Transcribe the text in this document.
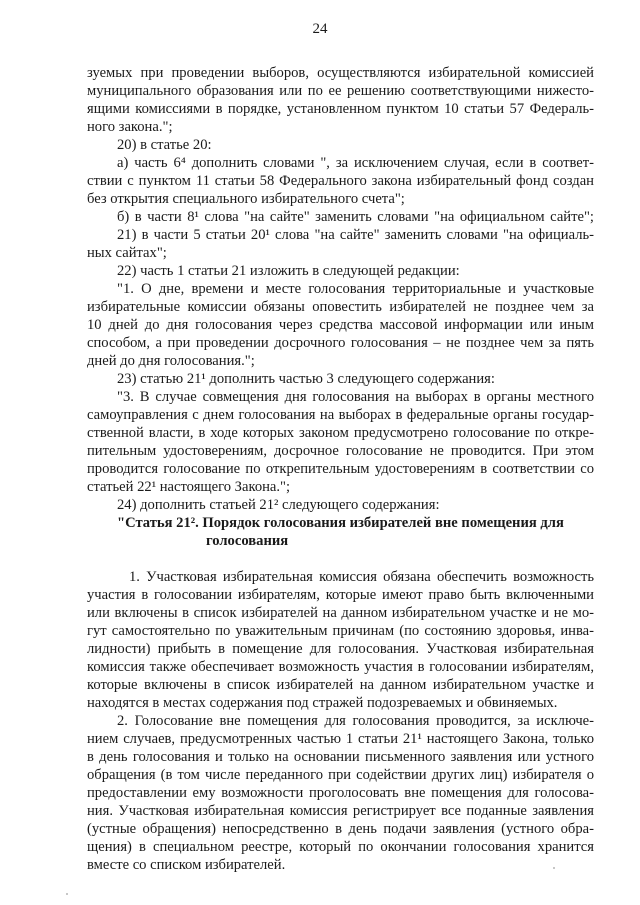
24
зуемых при проведении выборов, осуществляются избирательной комиссией
муниципального образования или по ее решению соответствующими нижесто-
ящими комиссиями в порядке, установленном пунктом 10 статьи 57 Федераль-
ного закона.";
20) в статье 20:
а) часть 6⁴ дополнить словами ", за исключением случая, если в соответ-
ствии с пунктом 11 статьи 58 Федерального закона избирательный фонд создан
без открытия специального избирательного счета";
б) в части 8¹ слова "на сайте" заменить словами "на официальном сайте";
21) в части 5 статьи 20¹ слова "на сайте" заменить словами "на официаль-
ных сайтах";
22) часть 1 статьи 21 изложить в следующей редакции:
"1. О дне, времени и месте голосования территориальные и участковые
избирательные комиссии обязаны оповестить избирателей не позднее чем за
10 дней до дня голосования через средства массовой информации или иным
способом, а при проведении досрочного голосования – не позднее чем за пять
дней до дня голосования.";
23) статью 21¹ дополнить частью 3 следующего содержания:
"3. В случае совмещения дня голосования на выборах в органы местного
самоуправления с днем голосования на выборах в федеральные органы государ-
ственной власти, в ходе которых законом предусмотрено голосование по откре-
пительным удостоверениям, досрочное голосование не проводится. При этом
проводится голосование по открепительным удостоверениям в соответствии со
статьей 22¹ настоящего Закона.";
24) дополнить статьей 21² следующего содержания:
"Статья 21². Порядок голосования избирателей вне помещения для
голосования
1. Участковая избирательная комиссия обязана обеспечить возможность
участия в голосовании избирателям, которые имеют право быть включенными
или включены в список избирателей на данном избирательном участке и не мо-
гут самостоятельно по уважительным причинам (по состоянию здоровья, инва-
лидности) прибыть в помещение для голосования. Участковая избирательная
комиссия также обеспечивает возможность участия в голосовании избирателям,
которые включены в список избирателей на данном избирательном участке и
находятся в местах содержания под стражей подозреваемых и обвиняемых.
2. Голосование вне помещения для голосования проводится, за исключе-
нием случаев, предусмотренных частью 1 статьи 21¹ настоящего Закона, только
в день голосования и только на основании письменного заявления или устного
обращения (в том числе переданного при содействии других лиц) избирателя о
предоставлении ему возможности проголосовать вне помещения для голосова-
ния. Участковая избирательная комиссия регистрирует все поданные заявления
(устные обращения) непосредственно в день подачи заявления (устного обра-
щения) в специальном реестре, который по окончании голосования хранится
вместе со списком избирателей.
